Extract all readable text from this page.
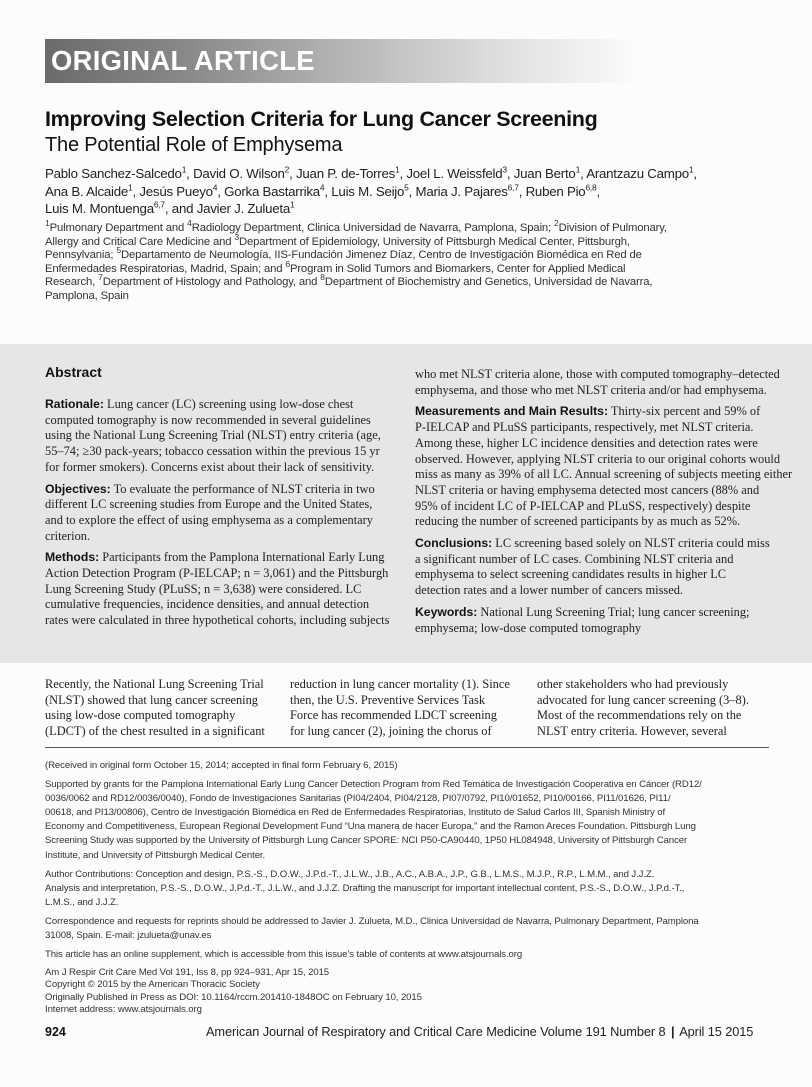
ORIGINAL ARTICLE
Improving Selection Criteria for Lung Cancer Screening
The Potential Role of Emphysema
Pablo Sanchez-Salcedo$^1$, David O. Wilson$^2$, Juan P. de-Torres$^1$, Joel L. Weissfeld$^3$, Juan Berto$^1$, Arantzazu Campo$^1$,
Ana B. Alcaide$^1$, Jesús Pueyo$^4$, Gorka Bastarrika$^4$, Luis M. Seijo$^5$, Maria J. Pajares$^{6,7}$, Ruben Pio$^{6,8}$,
Luis M. Montuenga$^{6,7}$, and Javier J. Zulueta$^1$
$^1$Pulmonary Department and $^4$Radiology Department, Clinica Universidad de Navarra, Pamplona, Spain; $^2$Division of Pulmonary,
Allergy and Critical Care Medicine and $^3$Department of Epidemiology, University of Pittsburgh Medical Center, Pittsburgh,
Pennsylvania; $^5$Departamento de Neumología, IIS-Fundación Jimenez Díaz, Centro de Investigación Biomédica en Red de
Enfermedades Respiratorias, Madrid, Spain; and $^6$Program in Solid Tumors and Biomarkers, Center for Applied Medical
Research, $^7$Department of Histology and Pathology, and $^8$Department of Biochemistry and Genetics, Universidad de Navarra,
Pamplona, Spain
Abstract
Rationale: Lung cancer (LC) screening using low-dose chest
computed tomography is now recommended in several guidelines
using the National Lung Screening Trial (NLST) entry criteria (age,
55–74; ≥30 pack-years; tobacco cessation within the previous 15 yr
for former smokers). Concerns exist about their lack of sensitivity.
Objectives: To evaluate the performance of NLST criteria in two
different LC screening studies from Europe and the United States,
and to explore the effect of using emphysema as a complementary
criterion.
Methods: Participants from the Pamplona International Early Lung
Action Detection Program (P-IELCAP; n = 3,061) and the Pittsburgh
Lung Screening Study (PLuSS; n = 3,638) were considered. LC
cumulative frequencies, incidence densities, and annual detection
rates were calculated in three hypothetical cohorts, including subjects
who met NLST criteria alone, those with computed tomography–detected
emphysema, and those who met NLST criteria and/or had emphysema.
Measurements and Main Results: Thirty-six percent and 59% of
P-IELCAP and PLuSS participants, respectively, met NLST criteria.
Among these, higher LC incidence densities and detection rates were
observed. However, applying NLST criteria to our original cohorts would
miss as many as 39% of all LC. Annual screening of subjects meeting either
NLST criteria or having emphysema detected most cancers (88% and
95% of incident LC of P-IELCAP and PLuSS, respectively) despite
reducing the number of screened participants by as much as 52%.
Conclusions: LC screening based solely on NLST criteria could miss
a significant number of LC cases. Combining NLST criteria and
emphysema to select screening candidates results in higher LC
detection rates and a lower number of cancers missed.
Keywords: National Lung Screening Trial; lung cancer screening;
emphysema; low-dose computed tomography
Recently, the National Lung Screening Trial
(NLST) showed that lung cancer screening
using low-dose computed tomography
(LDCT) of the chest resulted in a significant
reduction in lung cancer mortality (1). Since
then, the U.S. Preventive Services Task
Force has recommended LDCT screening
for lung cancer (2), joining the chorus of
other stakeholders who had previously
advocated for lung cancer screening (3–8).
Most of the recommendations rely on the
NLST entry criteria. However, several
(Received in original form October 15, 2014; accepted in final form February 6, 2015)
Supported by grants for the Pamplona International Early Lung Cancer Detection Program from Red Temática de Investigación Cooperativa en Cáncer (RD12/
0036/0062 and RD12/0036/0040), Fondo de Investigaciones Sanitarias (PI04/2404, PI04/2128, PI07/0792, PI10/01652, PI10/00166, PI11/01626, PI11/
00618, and PI13/00806), Centro de Investigación Biomédica en Red de Enfermedades Respiratorias, Instituto de Salud Carlos III, Spanish Ministry of
Economy and Competitiveness, European Regional Development Fund “Una manera de hacer Europa,” and the Ramon Areces Foundation. Pittsburgh Lung
Screening Study was supported by the University of Pittsburgh Lung Cancer SPORE: NCI P50-CA90440, 1P50 HL084948, University of Pittsburgh Cancer
Institute, and University of Pittsburgh Medical Center.
Author Contributions: Conception and design, P.S.-S., D.O.W., J.P.d.-T., J.L.W., J.B., A.C., A.B.A., J.P., G.B., L.M.S., M.J.P., R.P., L.M.M., and J.J.Z.
Analysis and interpretation, P.S.-S., D.O.W., J.P.d.-T., J.L.W., and J.J.Z. Drafting the manuscript for important intellectual content, P.S.-S., D.O.W., J.P.d.-T.,
L.M.S., and J.J.Z.
Correspondence and requests for reprints should be addressed to Javier J. Zulueta, M.D., Clinica Universidad de Navarra, Pulmonary Department, Pamplona
31008, Spain. E-mail: jzulueta@unav.es
This article has an online supplement, which is accessible from this issue’s table of contents at www.atsjournals.org
Am J Respir Crit Care Med Vol 191, Iss 8, pp 924–931, Apr 15, 2015
Copyright © 2015 by the American Thoracic Society
Originally Published in Press as DOI: 10.1164/rccm.201410-1848OC on February 10, 2015
Internet address: www.atsjournals.org
924	American Journal of Respiratory and Critical Care Medicine Volume 191 Number 8 | April 15 2015
